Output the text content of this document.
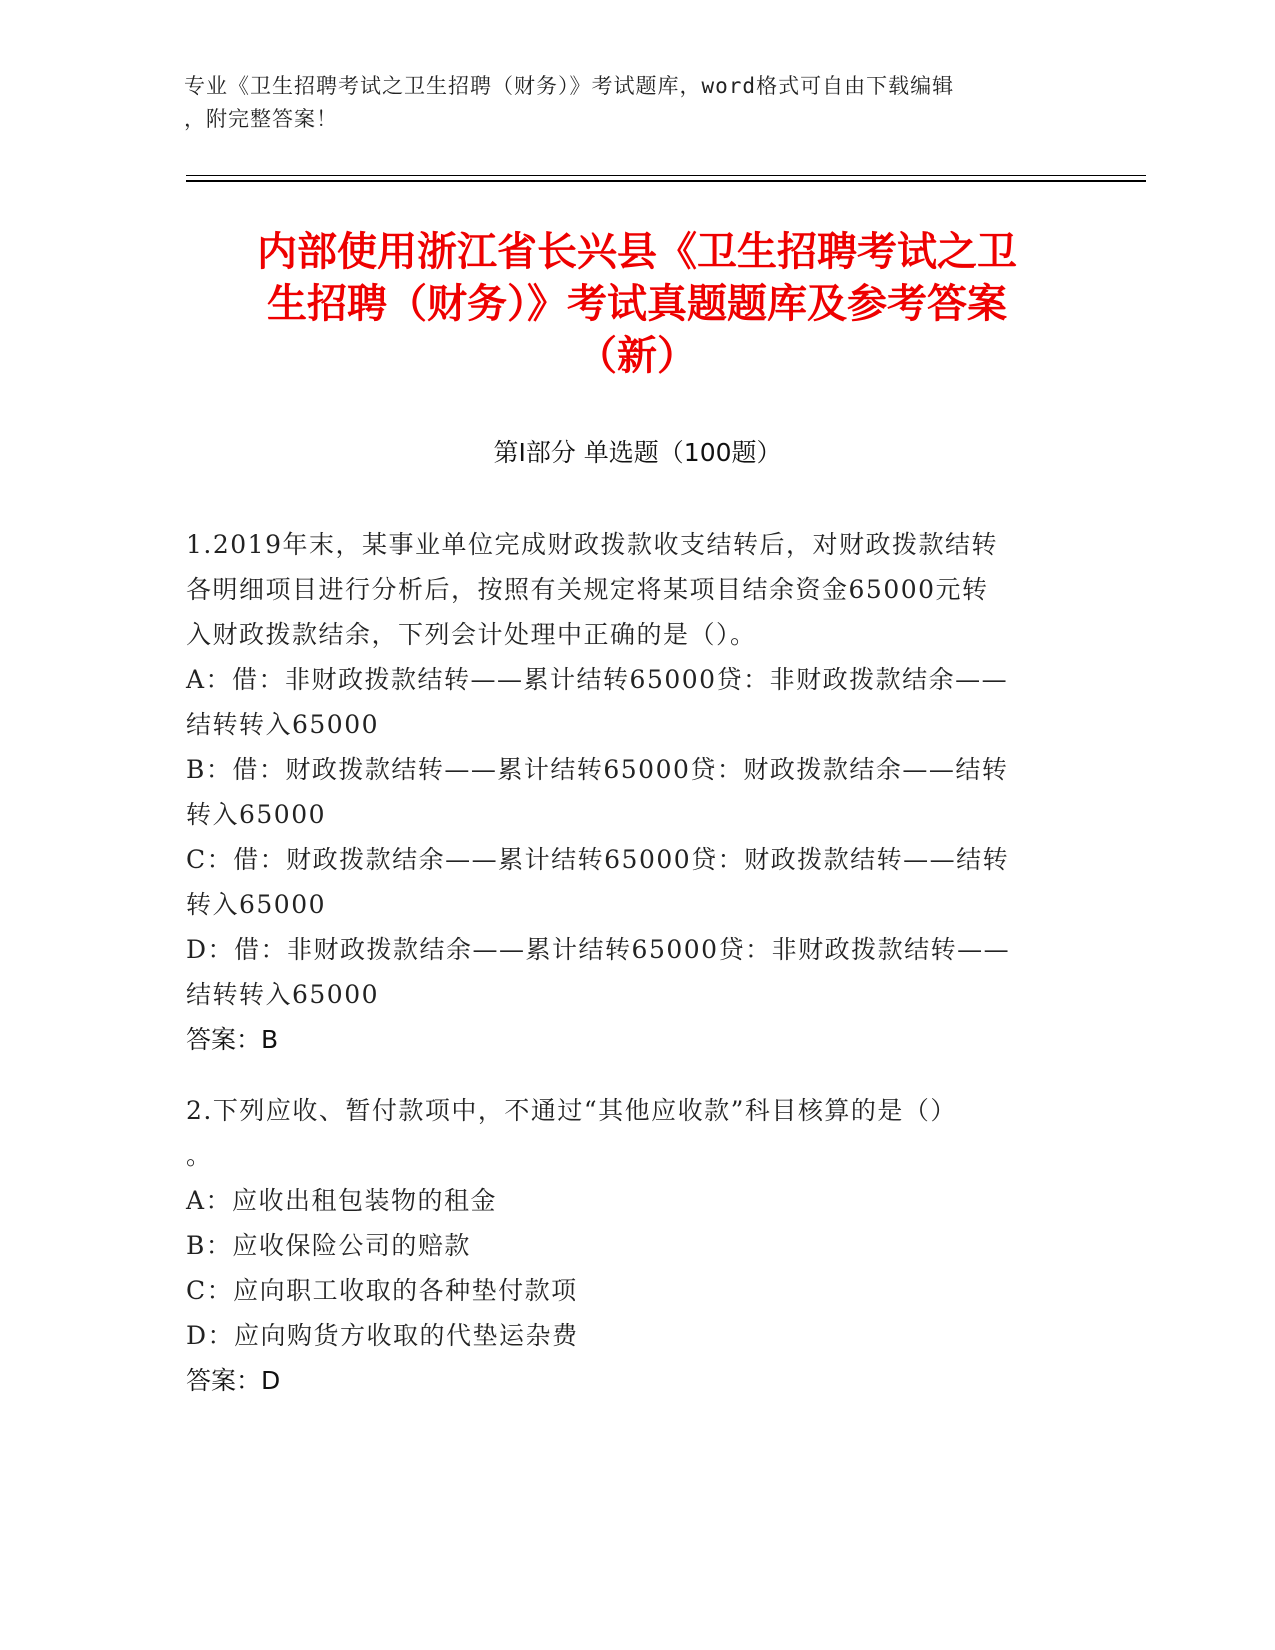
专业《卫生招聘考试之卫生招聘（财务）》考试题库，word格式可自由下载编辑
，附完整答案！
内部使用浙江省长兴县《卫生招聘考试之卫
生招聘（财务）》考试真题题库及参考答案
（新）
第Ⅰ部分 单选题（100题）
1.2019年末，某事业单位完成财政拨款收支结转后，对财政拨款结转
各明细项目进行分析后，按照有关规定将某项目结余资金65000元转
入财政拨款结余，下列会计处理中正确的是（）。
A：借：非财政拨款结转——累计结转65000贷：非财政拨款结余——
结转转入65000
B：借：财政拨款结转——累计结转65000贷：财政拨款结余——结转
转入65000
C：借：财政拨款结余——累计结转65000贷：财政拨款结转——结转
转入65000
D：借：非财政拨款结余——累计结转65000贷：非财政拨款结转——
结转转入65000
答案：B
2.下列应收、暂付款项中，不通过“其他应收款”科目核算的是（）
。
A：应收出租包装物的租金
B：应收保险公司的赔款
C：应向职工收取的各种垫付款项
D：应向购货方收取的代垫运杂费
答案：D
